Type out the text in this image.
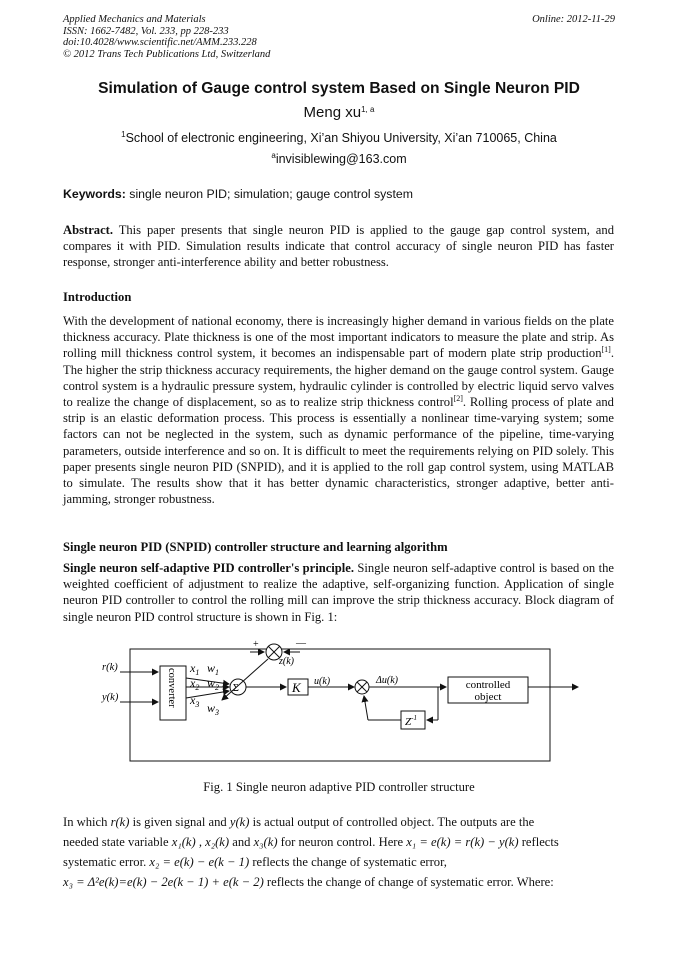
Applied Mechanics and Materials
ISSN: 1662-7482, Vol. 233, pp 228-233
doi:10.4028/www.scientific.net/AMM.233.228
© 2012 Trans Tech Publications Ltd, Switzerland
Online: 2012-11-29
Simulation of Gauge control system Based on Single Neuron PID
Meng xu$^{1, a}$
$^1$School of electronic engineering, Xi’an Shiyou University, Xi’an 710065, China
$^a$invisiblewing@163.com
Keywords: single neuron PID; simulation; gauge control system
Abstract. This paper presents that single neuron PID is applied to the gauge gap control system, and compares it with PID. Simulation results indicate that control accuracy of single neuron PID has faster response, stronger anti-interference ability and better robustness.
Introduction
With the development of national economy, there is increasingly higher demand in various fields on the plate thickness accuracy. Plate thickness is one of the most important indicators to measure the plate and strip. As rolling mill thickness control system, it becomes an indispensable part of modern plate strip production[1]. The higher the strip thickness accuracy requirements, the higher demand on the gauge control system. Gauge control system is a hydraulic pressure system, hydraulic cylinder is controlled by electric liquid servo valves to realize the change of displacement, so as to realize strip thickness control[2]. Rolling process of plate and strip is an elastic deformation process. This process is essentially a nonlinear time-varying system; some factors can not be neglected in the system, such as dynamic performance of the pipeline, time-varying parameters, outside interference and so on. It is difficult to meet the requirements relying on PID solely. This paper presents single neuron PID (SNPID), and it is applied to the roll gap control system, using MATLAB to simulate. The results show that it has better dynamic characteristics, stronger adaptive, better anti-jamming, stronger robustness.
Single neuron PID (SNPID) controller structure and learning algorithm
Single neuron self-adaptive PID controller's principle. Single neuron self-adaptive control is based on the weighted coefficient of adjustment to realize the adaptive, self-organizing function. Application of single neuron PID controller to control the rolling mill can improve the strip thickness accuracy. Block diagram of single neuron PID control structure is shown in Fig. 1:
+	—
z(k)
r(k)
y(k)	converter $x_1$ $w_1$
$x_2$ $w_2$
$x_3$ $w_3$
Σ	K u(k)	Δu(k)	controlled
object
$Z^{-1}$
Fig. 1 Single neuron adaptive PID controller structure
In which r(k) is given signal and y(k) is actual output of controlled object. The outputs are the
needed state variable x₁(k) , x₂(k) and x₃(k) for neuron control. Here x₁ = e(k) = r(k) − y(k) reflects
systematic error. x₂ = e(k) − e(k − 1) reflects the change of systematic error,
x₃ = Δ²e(k)=e(k) − 2e(k − 1) + e(k − 2) reflects the change of change of systematic error. Where:
